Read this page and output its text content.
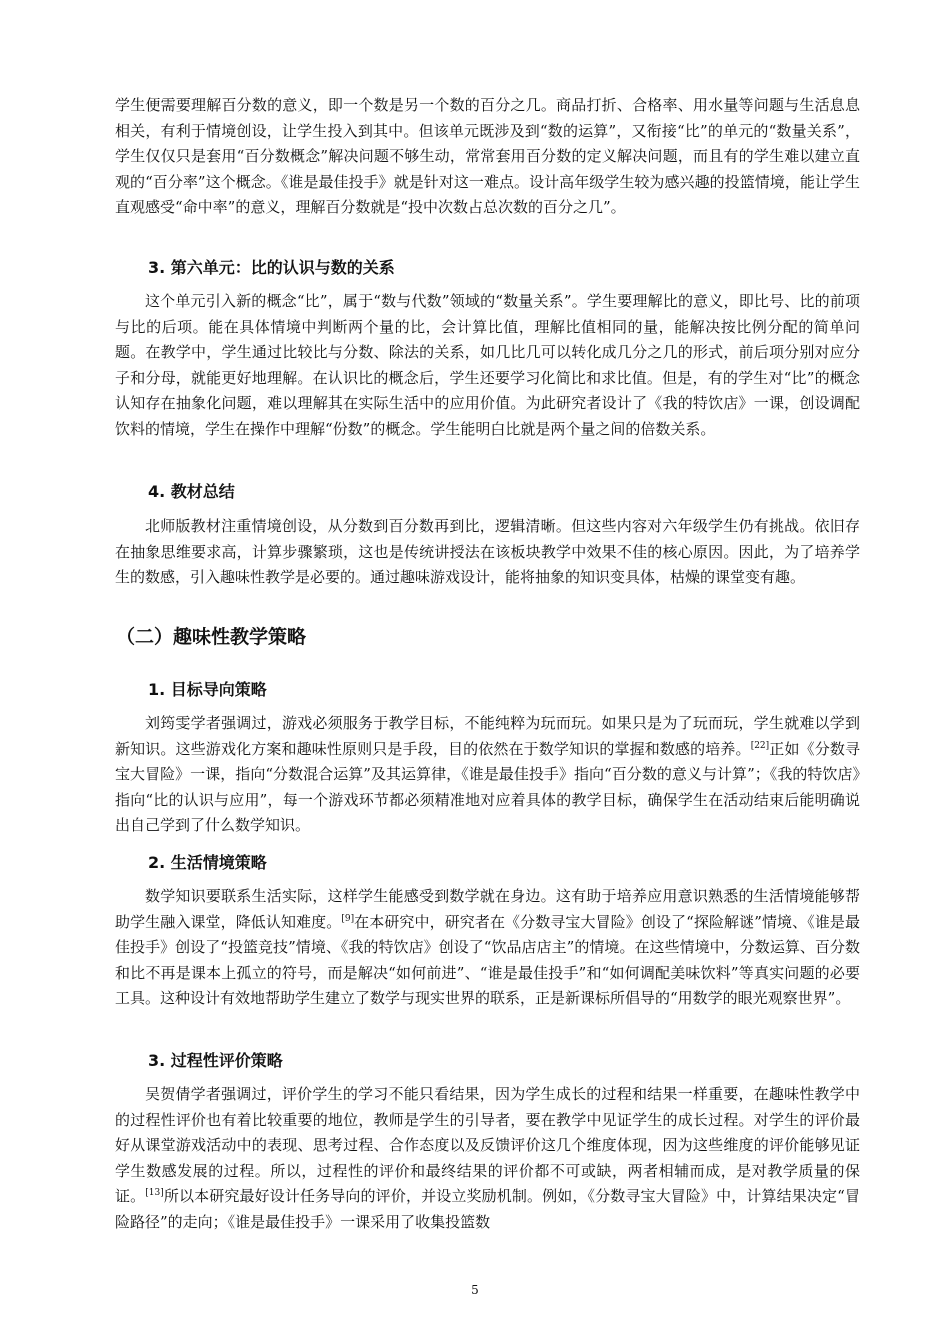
学生便需要理解百分数的意义，即一个数是另一个数的百分之几。商品打折、合格率、用水量等问题与生活息息相关，有利于情境创设，让学生投入到其中。但该单元既涉及到“数的运算”，又衔接“比”的单元的“数量关系”，学生仅仅只是套用“百分数概念”解决问题不够生动，常常套用百分数的定义解决问题，而且有的学生难以建立直观的“百分率”这个概念。《谁是最佳投手》就是针对这一难点。设计高年级学生较为感兴趣的投篮情境，能让学生直观感受“命中率”的意义，理解百分数就是“投中次数占总次数的百分之几”。

3. 第六单元：比的认识与数的关系

这个单元引入新的概念“比”，属于“数与代数”领域的“数量关系”。学生要理解比的意义，即比号、比的前项与比的后项。能在具体情境中判断两个量的比，会计算比值，理解比值相同的量，能解决按比例分配的简单问题。在教学中，学生通过比较比与分数、除法的关系，如几比几可以转化成几分之几的形式，前后项分别对应分子和分母，就能更好地理解。在认识比的概念后，学生还要学习化简比和求比值。但是，有的学生对“比”的概念认知存在抽象化问题，难以理解其在实际生活中的应用价值。为此研究者设计了《我的特饮店》一课，创设调配饮料的情境，学生在操作中理解“份数”的概念。学生能明白比就是两个量之间的倍数关系。

4. 教材总结

北师版教材注重情境创设，从分数到百分数再到比，逻辑清晰。但这些内容对六年级学生仍有挑战。依旧存在抽象思维要求高，计算步骤繁琐，这也是传统讲授法在该板块教学中效果不佳的核心原因。因此，为了培养学生的数感，引入趣味性教学是必要的。通过趣味游戏设计，能将抽象的知识变具体，枯燥的课堂变有趣。

（二）趣味性教学策略
1. 目标导向策略

刘筠雯学者强调过，游戏必须服务于教学目标，不能纯粹为玩而玩。如果只是为了玩而玩，学生就难以学到新知识。这些游戏化方案和趣味性原则只是手段，目的依然在于数学知识的掌握和数感的培养。[22]正如《分数寻宝大冒险》一课，指向“分数混合运算”及其运算律，《谁是最佳投手》指向“百分数的意义与计算”；《我的特饮店》指向“比的认识与应用”，每一个游戏环节都必须精准地对应着具体的教学目标，确保学生在活动结束后能明确说出自己学到了什么数学知识。

2. 生活情境策略

数学知识要联系生活实际，这样学生能感受到数学就在身边。这有助于培养应用意识熟悉的生活情境能够帮助学生融入课堂，降低认知难度。[9]在本研究中，研究者在《分数寻宝大冒险》创设了“探险解谜”情境、《谁是最佳投手》创设了“投篮竞技”情境、《我的特饮店》创设了“饮品店店主”的情境。在这些情境中，分数运算、百分数和比不再是课本上孤立的符号，而是解决“如何前进”、“谁是最佳投手”和“如何调配美味饮料”等真实问题的必要工具。这种设计有效地帮助学生建立了数学与现实世界的联系，正是新课标所倡导的“用数学的眼光观察世界”。

3. 过程性评价策略

吴贺倩学者强调过，评价学生的学习不能只看结果，因为学生成长的过程和结果一样重要，在趣味性教学中的过程性评价也有着比较重要的地位，教师是学生的引导者，要在教学中见证学生的成长过程。对学生的评价最好从课堂游戏活动中的表现、思考过程、合作态度以及反馈评价这几个维度体现，因为这些维度的评价能够见证学生数感发展的过程。所以，过程性的评价和最终结果的评价都不可或缺，两者相辅而成，是对教学质量的保证。[13]所以本研究最好设计任务导向的评价，并设立奖励机制。例如，《分数寻宝大冒险》中，计算结果决定“冒险路径”的走向；《谁是最佳投手》一课采用了收集投篮数

5
